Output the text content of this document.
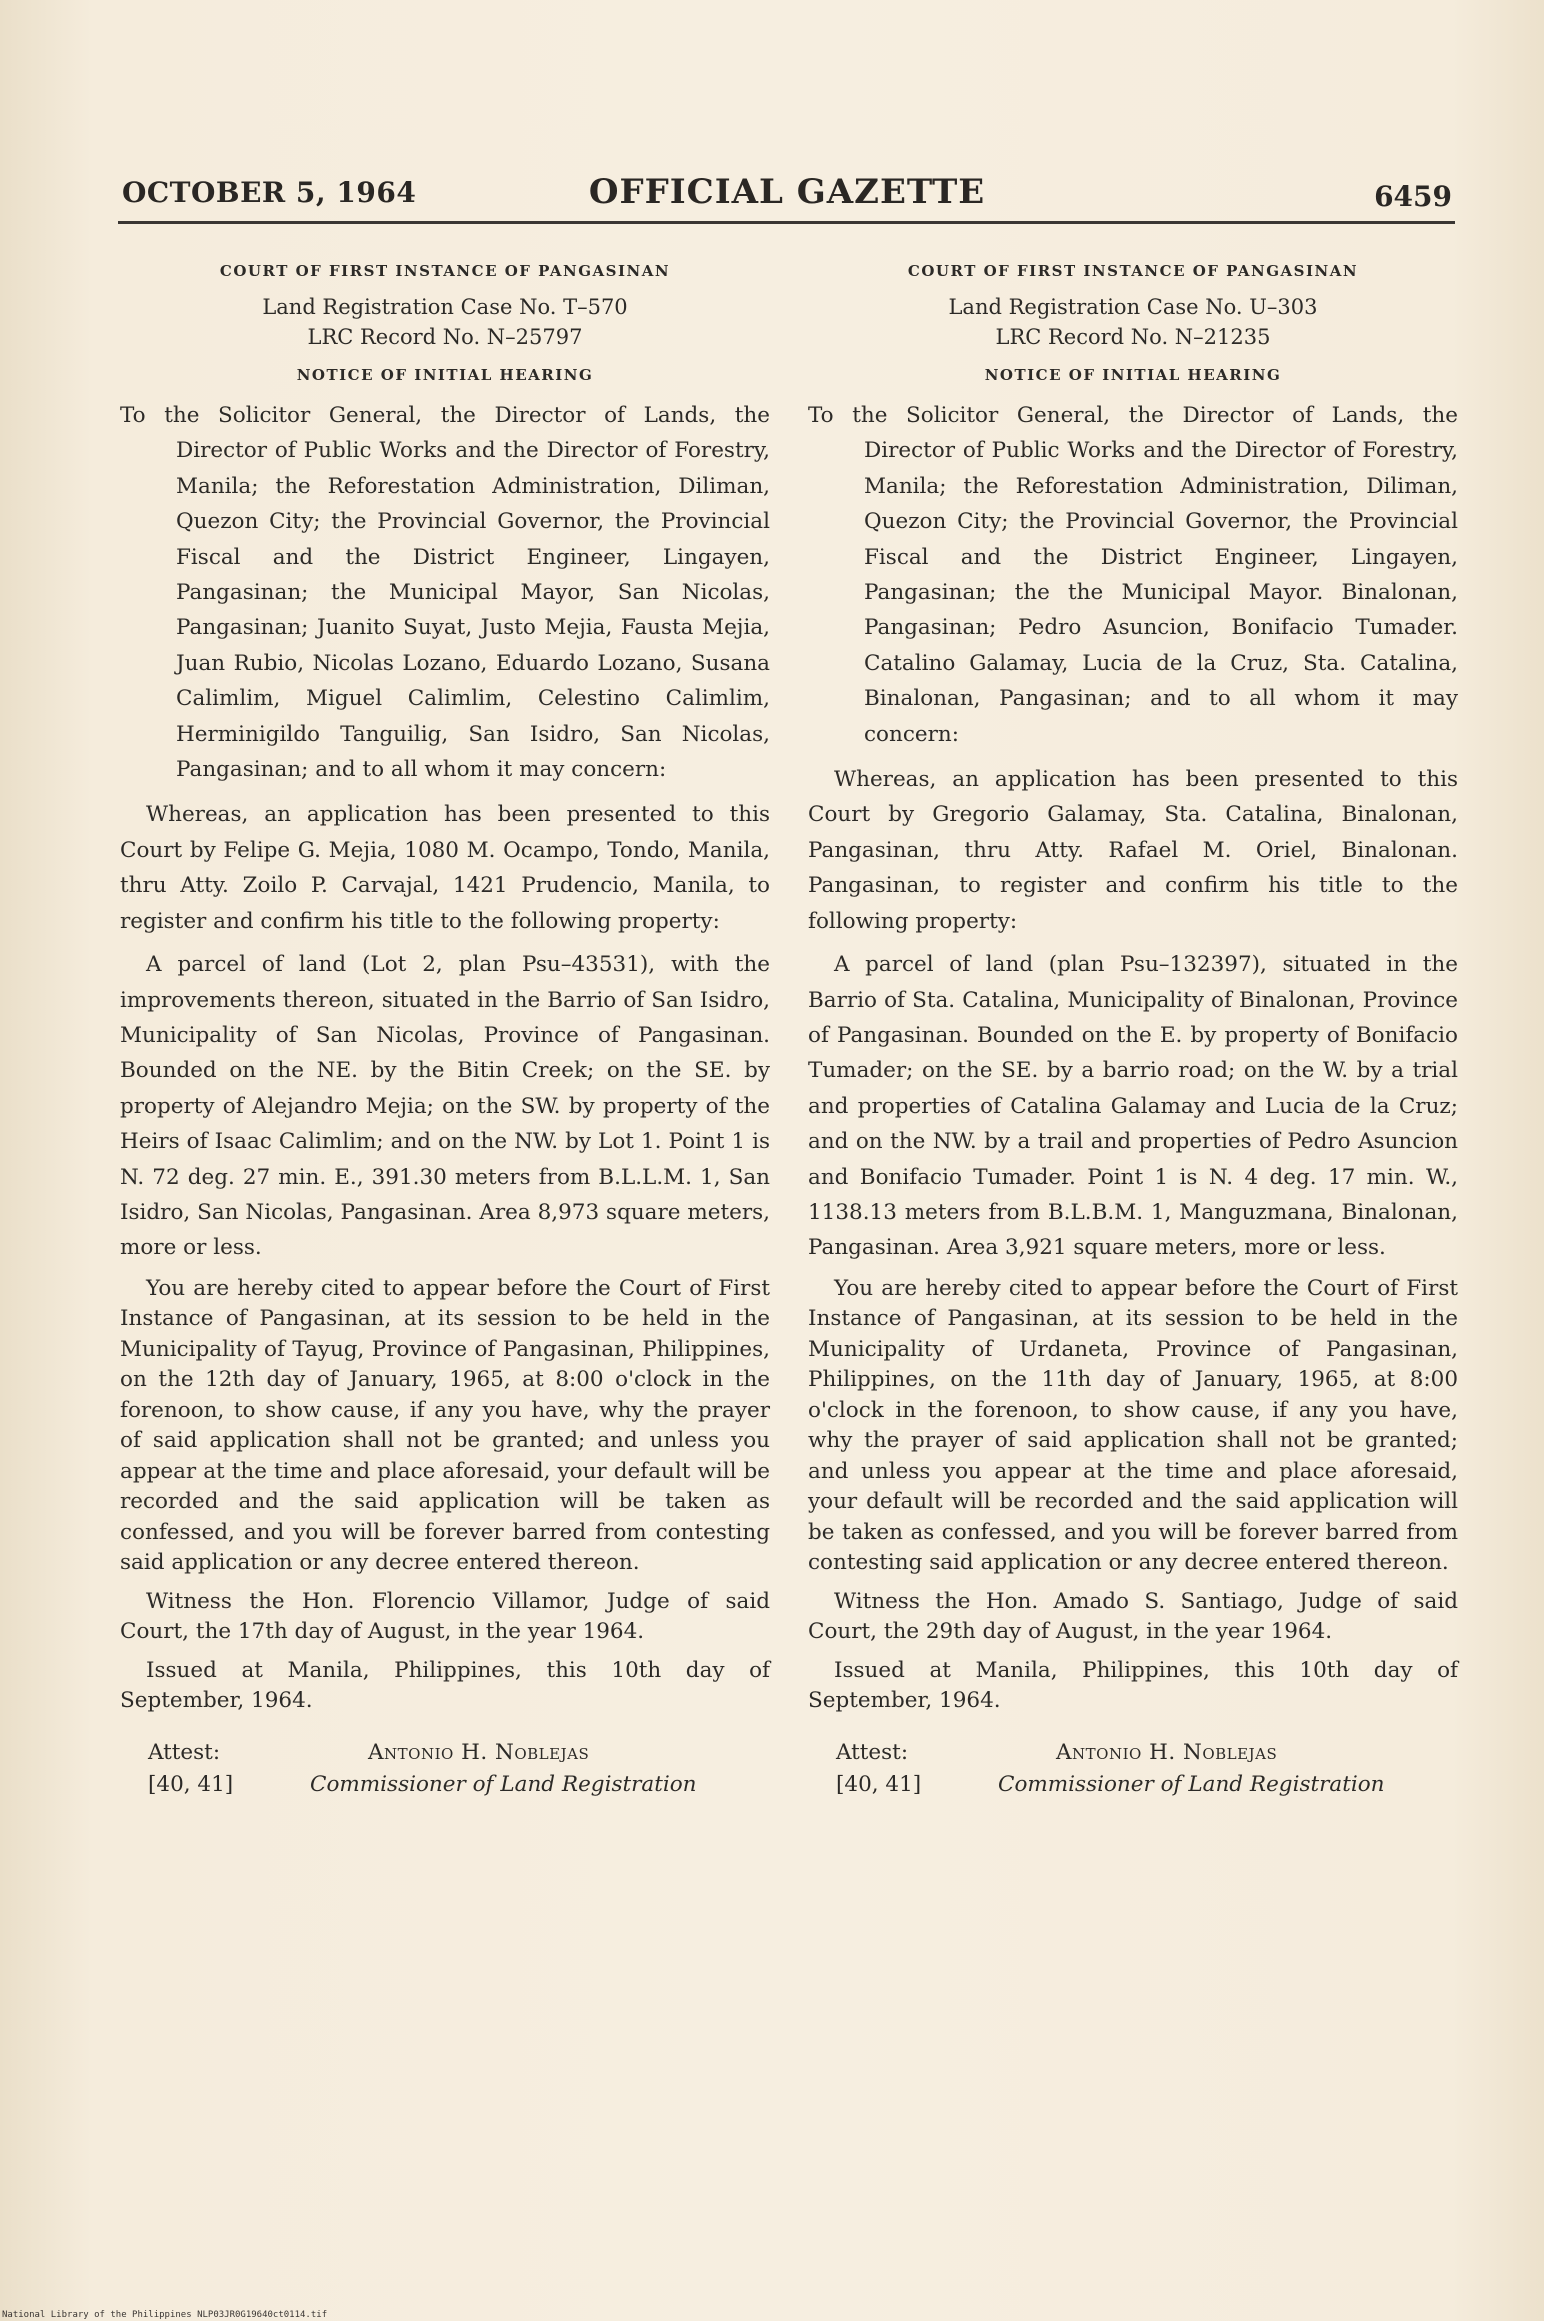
OCTOBER 5, 1964	OFFICIAL GAZETTE	6459
COURT OF FIRST INSTANCE OF PANGASINAN
Land Registration Case No. T–570
LRC Record No. N–25797
NOTICE OF INITIAL HEARING

To the Solicitor General, the Director of Lands, the Director of Public Works and the Director of Forestry, Manila; the Reforestation Administration, Diliman, Quezon City; the Provincial Governor, the Provincial Fiscal and the District Engineer, Lingayen, Pangasinan; the Municipal Mayor, San Nicolas, Pangasinan; Juanito Suyat, Justo Mejia, Fausta Mejia, Juan Rubio, Nicolas Lozano, Eduardo Lozano, Susana Calimlim, Miguel Calimlim, Celestino Calimlim, Herminigildo Tanguilig, San Isidro, San Nicolas, Pangasinan; and to all whom it may concern:

Whereas, an application has been presented to this Court by Felipe G. Mejia, 1080 M. Ocampo, Tondo, Manila, thru Atty. Zoilo P. Carvajal, 1421 Prudencio, Manila, to register and confirm his title to the following property:

A parcel of land (Lot 2, plan Psu–43531), with the improvements thereon, situated in the Barrio of San Isidro, Municipality of San Nicolas, Province of Pangasinan. Bounded on the NE. by the Bitin Creek; on the SE. by property of Alejandro Mejia; on the SW. by property of the Heirs of Isaac Calimlim; and on the NW. by Lot 1. Point 1 is N. 72 deg. 27 min. E., 391.30 meters from B.L.L.M. 1, San Isidro, San Nicolas, Pangasinan. Area 8,973 square meters, more or less.

You are hereby cited to appear before the Court of First Instance of Pangasinan, at its session to be held in the Municipality of Tayug, Province of Pangasinan, Philippines, on the 12th day of January, 1965, at 8:00 o'clock in the forenoon, to show cause, if any you have, why the prayer of said application shall not be granted; and unless you appear at the time and place aforesaid, your default will be recorded and the said application will be taken as confessed, and you will be forever barred from contesting said application or any decree entered thereon.

Witness the Hon. Florencio Villamor, Judge of said Court, the 17th day of August, in the year 1964.

Issued at Manila, Philippines, this 10th day of September, 1964.

Attest:	Antonio H. Noblejas
[40, 41]	Commissioner of Land Registration
COURT OF FIRST INSTANCE OF PANGASINAN
Land Registration Case No. U–303
LRC Record No. N–21235
NOTICE OF INITIAL HEARING

To the Solicitor General, the Director of Lands, the Director of Public Works and the Director of Forestry, Manila; the Reforestation Administration, Diliman, Quezon City; the Provincial Governor, the Provincial Fiscal and the District Engineer, Lingayen, Pangasinan; the the Municipal Mayor. Binalonan, Pangasinan; Pedro Asuncion, Bonifacio Tumader. Catalino Galamay, Lucia de la Cruz, Sta. Catalina, Binalonan, Pangasinan; and to all whom it may concern:

Whereas, an application has been presented to this Court by Gregorio Galamay, Sta. Catalina, Binalonan, Pangasinan, thru Atty. Rafael M. Oriel, Binalonan. Pangasinan, to register and confirm his title to the following property:

A parcel of land (plan Psu–132397), situated in the Barrio of Sta. Catalina, Municipality of Binalonan, Province of Pangasinan. Bounded on the E. by property of Bonifacio Tumader; on the SE. by a barrio road; on the W. by a trial and properties of Catalina Galamay and Lucia de la Cruz; and on the NW. by a trail and properties of Pedro Asuncion and Bonifacio Tumader. Point 1 is N. 4 deg. 17 min. W., 1138.13 meters from B.L.B.M. 1, Manguzmana, Binalonan, Pangasinan. Area 3,921 square meters, more or less.

You are hereby cited to appear before the Court of First Instance of Pangasinan, at its session to be held in the Municipality of Urdaneta, Province of Pangasinan, Philippines, on the 11th day of January, 1965, at 8:00 o'clock in the forenoon, to show cause, if any you have, why the prayer of said application shall not be granted; and unless you appear at the time and place aforesaid, your default will be recorded and the said application will be taken as confessed, and you will be forever barred from contesting said application or any decree entered thereon.

Witness the Hon. Amado S. Santiago, Judge of said Court, the 29th day of August, in the year 1964.

Issued at Manila, Philippines, this 10th day of September, 1964.

Attest:	Antonio H. Noblejas
[40, 41]	Commissioner of Land Registration
National Library of the Philippines NLP03JR0G19640ct0114.tif
